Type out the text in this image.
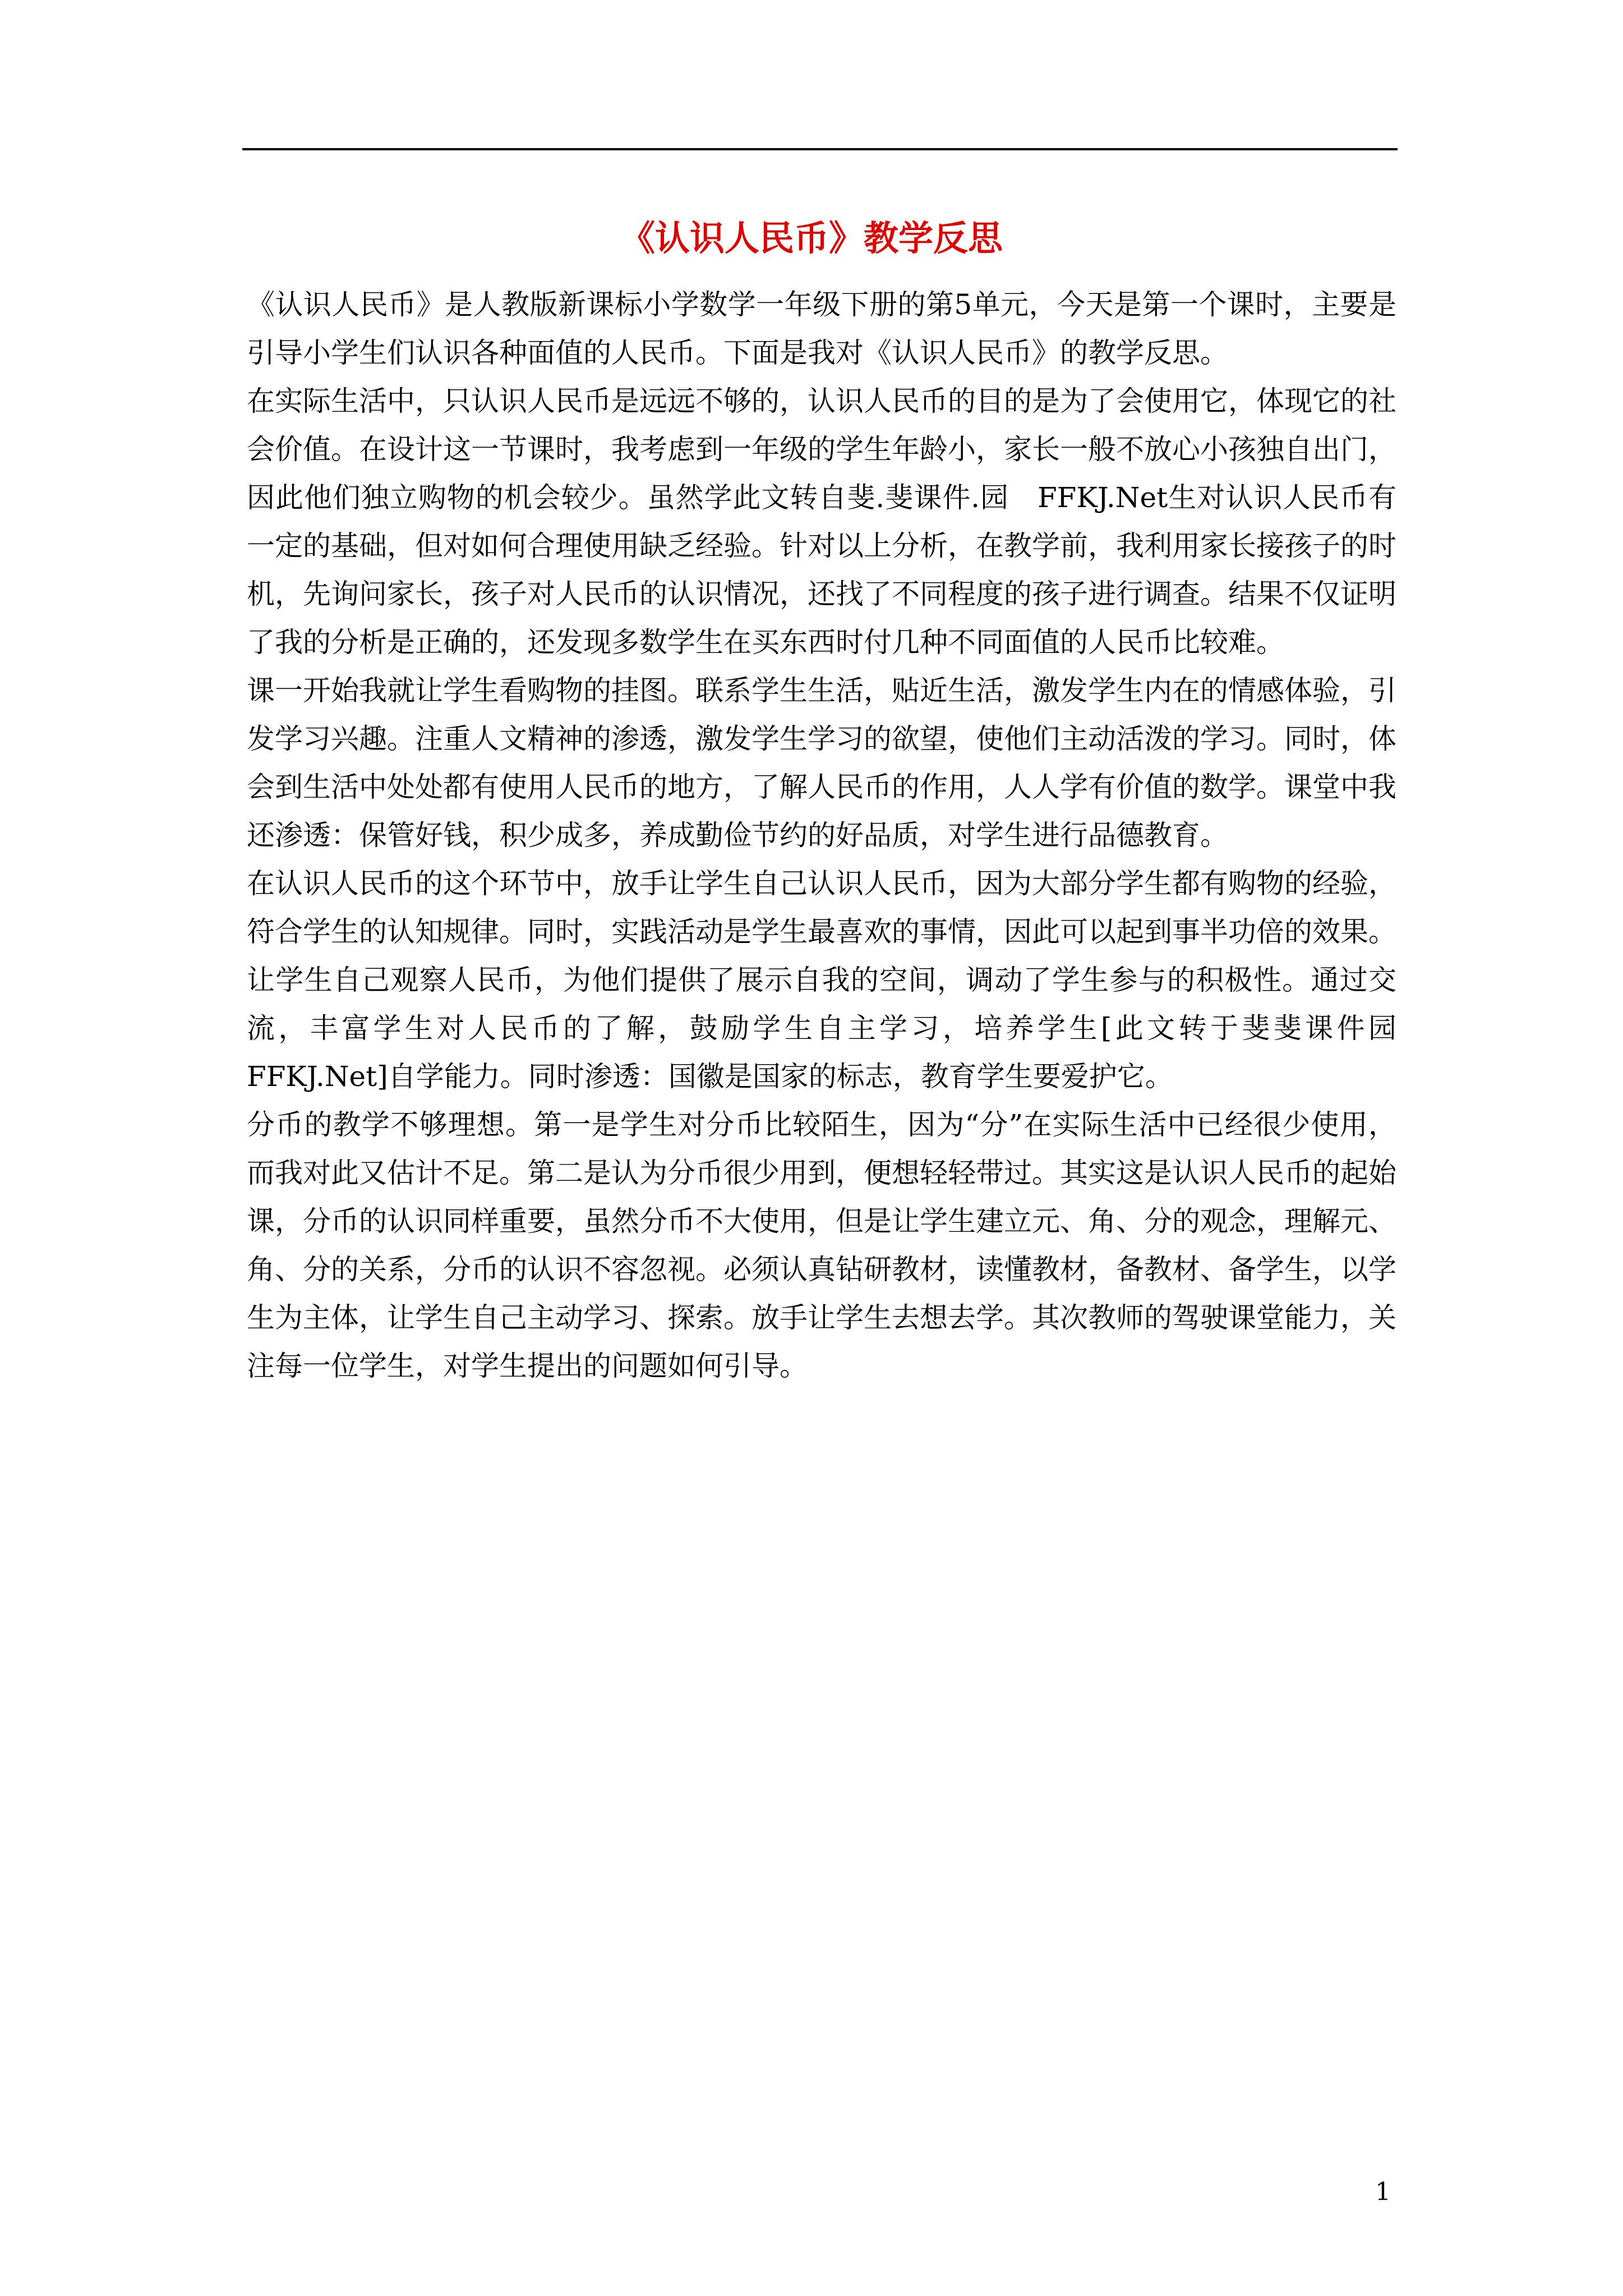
《认识人民币》教学反思

《认识人民币》是人教版新课标小学数学一年级下册的第5单元，今天是第一个课时，主要是引导小学生们认识各种面值的人民币。下面是我对《认识人民币》的教学反思。

在实际生活中，只认识人民币是远远不够的，认识人民币的目的是为了会使用它，体现它的社会价值。在设计这一节课时，我考虑到一年级的学生年龄小，家长一般不放心小孩独自出门，因此他们独立购物的机会较少。虽然学此文转自斐.斐课件.园　FFKJ.Net生对认识人民币有一定的基础，但对如何合理使用缺乏经验。针对以上分析，在教学前，我利用家长接孩子的时机，先询问家长，孩子对人民币的认识情况，还找了不同程度的孩子进行调查。结果不仅证明了我的分析是正确的，还发现多数学生在买东西时付几种不同面值的人民币比较难。

课一开始我就让学生看购物的挂图。联系学生生活，贴近生活，激发学生内在的情感体验，引发学习兴趣。注重人文精神的渗透，激发学生学习的欲望，使他们主动活泼的学习。同时，体会到生活中处处都有使用人民币的地方，了解人民币的作用，人人学有价值的数学。课堂中我还渗透：保管好钱，积少成多，养成勤俭节约的好品质，对学生进行品德教育。

在认识人民币的这个环节中，放手让学生自己认识人民币，因为大部分学生都有购物的经验，符合学生的认知规律。同时，实践活动是学生最喜欢的事情，因此可以起到事半功倍的效果。让学生自己观察人民币，为他们提供了展示自我的空间，调动了学生参与的积极性。通过交流，丰富学生对人民币的了解，鼓励学生自主学习，培养学生[此文转于斐斐课件园　FFKJ.Net]自学能力。同时渗透：国徽是国家的标志，教育学生要爱护它。

分币的教学不够理想。第一是学生对分币比较陌生，因为“分”在实际生活中已经很少使用，而我对此又估计不足。第二是认为分币很少用到，便想轻轻带过。其实这是认识人民币的起始课，分币的认识同样重要，虽然分币不大使用，但是让学生建立元、角、分的观念，理解元、角、分的关系，分币的认识不容忽视。必须认真钻研教材，读懂教材，备教材、备学生，以学生为主体，让学生自己主动学习、探索。放手让学生去想去学。其次教师的驾驶课堂能力，关注每一位学生，对学生提出的问题如何引导。

1
